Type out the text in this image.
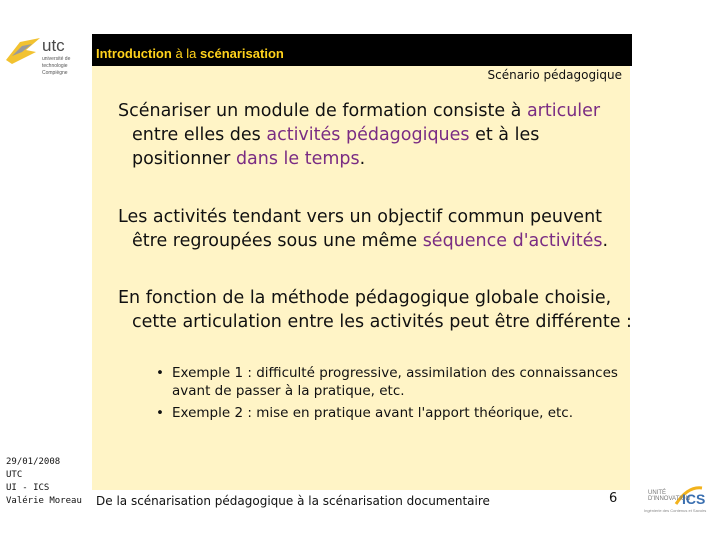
utc
université de technologie Compiègne
Introduction à la scénarisation
Scénario pédagogique
Scénariser un module de formation consiste à articuler entre elles des activités pédagogiques et à les positionner dans le temps.
Les activités tendant vers un objectif commun peuvent être regroupées sous une même séquence d'activités.
En fonction de la méthode pédagogique globale choisie, cette articulation entre les activités peut être différente :
• Exemple 1 : difficulté progressive, assimilation des connaissances avant de passer à la pratique, etc.
• Exemple 2 : mise en pratique avant l'apport théorique, etc.
De la scénarisation pédagogique à la scénarisation documentaire	6
29/01/2008
UTC
UI - ICS
Valérie Moreau	ICS
UNITÉ
D'INNOVATION
Ingénierie des Contenus et Savoirs
